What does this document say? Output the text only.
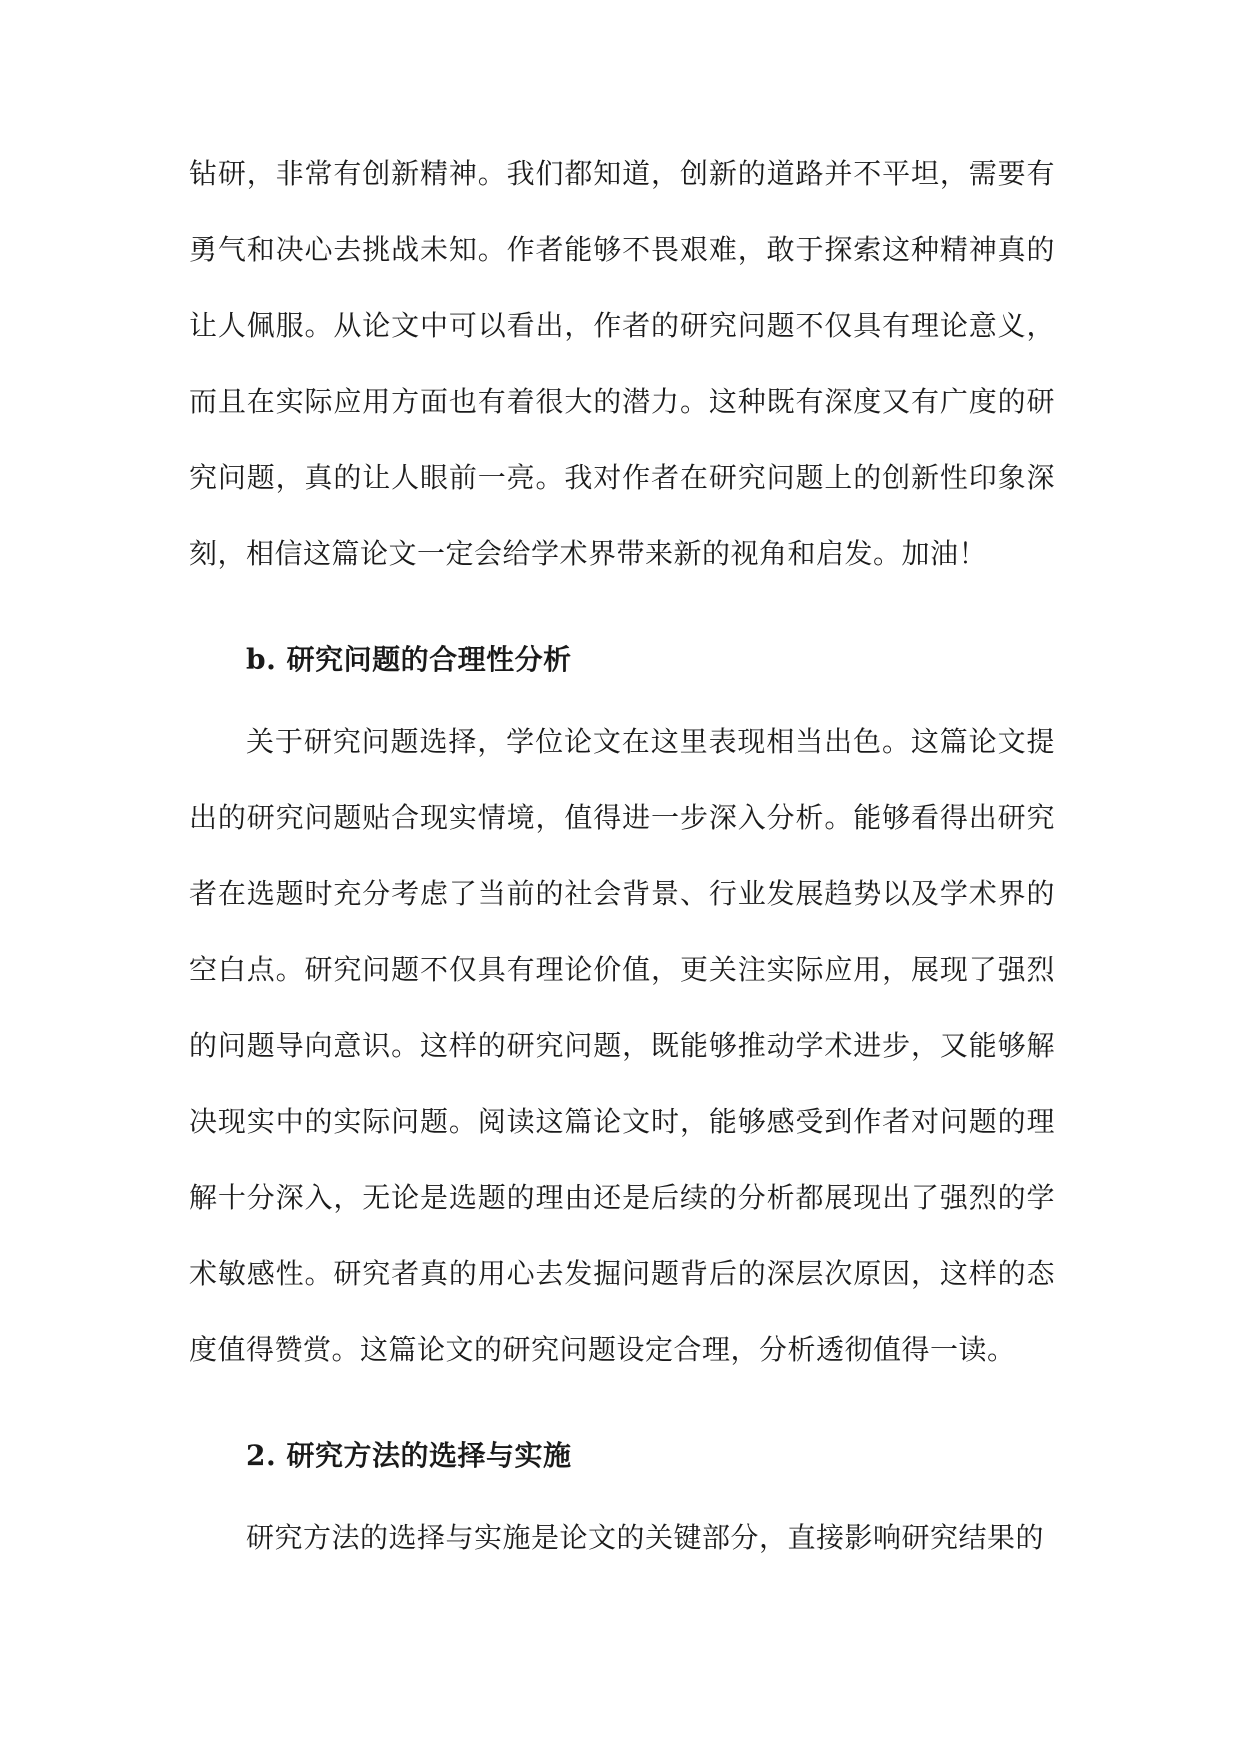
钻研，非常有创新精神。我们都知道，创新的道路并不平坦，需要有勇气和决心去挑战未知。作者能够不畏艰难，敢于探索这种精神真的让人佩服。从论文中可以看出，作者的研究问题不仅具有理论意义，而且在实际应用方面也有着很大的潜力。这种既有深度又有广度的研究问题，真的让人眼前一亮。我对作者在研究问题上的创新性印象深刻，相信这篇论文一定会给学术界带来新的视角和启发。加油！

b. 研究问题的合理性分析

关于研究问题选择，学位论文在这里表现相当出色。这篇论文提出的研究问题贴合现实情境，值得进一步深入分析。能够看得出研究者在选题时充分考虑了当前的社会背景、行业发展趋势以及学术界的空白点。研究问题不仅具有理论价值，更关注实际应用，展现了强烈的问题导向意识。这样的研究问题，既能够推动学术进步，又能够解决现实中的实际问题。阅读这篇论文时，能够感受到作者对问题的理解十分深入，无论是选题的理由还是后续的分析都展现出了强烈的学术敏感性。研究者真的用心去发掘问题背后的深层次原因，这样的态度值得赞赏。这篇论文的研究问题设定合理，分析透彻值得一读。

2. 研究方法的选择与实施

研究方法的选择与实施是论文的关键部分，直接影响研究结果的
